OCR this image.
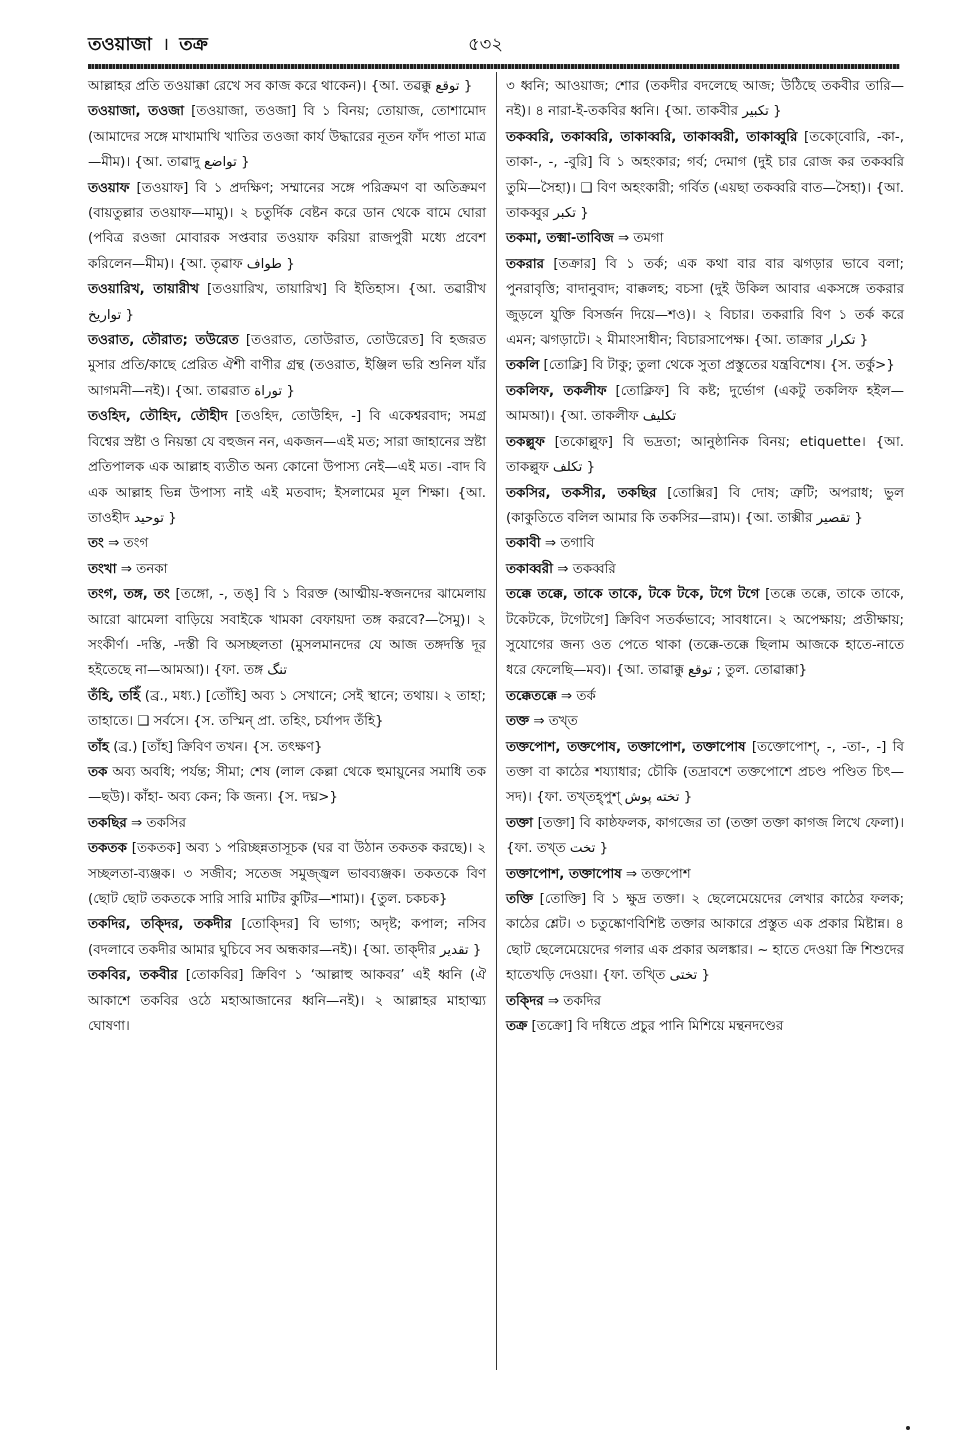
তওয়াজা । তক্র	৫৩২

আল্লাহর প্রতি তওয়াক্কা রেখে সব কাজ করে থাকেন)। {আ. তৱক্কু توقع }

তওয়াজা, তওজা [তওয়াজা, তওজা] বি ১ বিনয়; তোয়াজ, তোশামোদ (আমাদের সঙ্গে মাখামাখি খাতির তওজা কার্য উদ্ধারের নূতন ফাঁদ পাতা মাত্র—মীম)। {আ. তাৱাদু تواضع }

তওয়াফ [তওয়াফ] বি ১ প্রদক্ষিণ; সম্মানের সঙ্গে পরিক্রমণ বা অতিক্রমণ (বায়তুল্লার তওয়াফ—মামু)। ২ চতুর্দিক বেষ্টন করে ডান থেকে বামে ঘোরা (পবিত্র রওজা মোবারক সপ্তবার তওয়াফ করিয়া রাজপুরী মধ্যে প্রবেশ করিলেন—মীম)। {আ. তৃৱাফ طواف }

তওয়ারিখ, তায়ারীখ [তওয়ারিখ, তায়ারিখ] বি ইতিহাস। {আ. তৱারীখ تواريخ }

তওরাত, তৌরাত; তউরেত [তওরাত, তোউরাত, তোউরেত] বি হজরত মুসার প্রতি/কাছে প্রেরিত ঐশী বাণীর গ্রন্থ (তওরাত, ইঞ্জিল ভরি শুনিল যাঁর আগমনী—নই)। {আ. তাৱরাত توراة }

তওহিদ, তৌহিদ, তৌহীদ [তওহিদ, তোউহিদ, -] বি একেশ্বরবাদ; সমগ্র বিশ্বের স্রষ্টা ও নিয়ন্তা যে বহুজন নন, একজন—এই মত; সারা জাহানের স্রষ্টা প্রতিপালক এক আল্লাহ ব্যতীত অন্য কোনো উপাস্য নেই—এই মত। -বাদ বি এক আল্লাহ ভিন্ন উপাস্য নাই এই মতবাদ; ইসলামের মূল শিক্ষা। {আ. তাওহীদ توحيد }

তং ⇒ তংগ

তংখা ⇒ তনকা

তংগ, তঙ্গ, তং [তঙ্গো, -, তঙ্] বি ১ বিরক্ত (আত্মীয়-স্বজনদের ঝামেলায় আরো ঝামেলা বাড়িয়ে সবাইকে খামকা বেফায়দা তঙ্গ করবে?—সৈমু)। ২ সংকীর্ণ। -দস্তি, -দস্তী বি অসচ্ছলতা (মুসলমানদের যে আজ তঙ্গদস্তি দূর হইতেছে না—আমআ)। {ফা. তঙ্গ تنگ

তঁহি, তহিঁ (ব্র., মধ্য.) [তোঁহি] অব্য ১ সেখানে; সেই স্থানে; তথায়। ২ তাহা; তাহাতে। ❑ সর্বসে। {স. তস্মিন্ প্রা. তহিং, চর্যাপদ তঁহি}

তাঁহ (ব্র.) [তাঁহ] ক্রিবিণ তখন। {স. তৎক্ষণ}

তক অব্য অবধি; পর্যন্ত; সীমা; শেষ (লাল কেল্লা থেকে হুমায়ুনের সমাধি তক—ছউ)। কাঁহা- অব্য কেন; কি জন্য। {স. দঘ্ন>}

তকছির ⇒ তকসির

তকতক [তকতক] অব্য ১ পরিচ্ছন্নতাসূচক (ঘর বা উঠান তকতক করছে)। ২ সচ্ছলতা-ব্যঞ্জক। ৩ সজীব; সতেজ সমুজ্জ্বল ভাবব্যঞ্জক। তকতকে বিণ (ছোট ছোট তকতকে সারি সারি মাটির কুটির—শামা)। {তুল. চকচক}

তকদির, তক্দির, তকদীর [তোক্দির] বি ভাগ্য; অদৃষ্ট; কপাল; নসিব (বদলাবে তকদীর আমার ঘুচিবে সব অন্ধকার—নই)। {আ. তাক্দীর تقدير }

তকবির, তকবীর [তোকবির] ক্রিবিণ ১ ‘আল্লাহু আকবর’ এই ধ্বনি (ঐ আকাশে তকবির ওঠে মহাআজানের ধ্বনি—নই)। ২ আল্লাহর মাহাত্ম্য ঘোষণা।

৩ ধ্বনি; আওয়াজ; শোর (তকদীর বদলেছে আজ; উঠিছে তকবীর তারি—নই)। ৪ নারা-ই-তকবির ধ্বনি। {আ. তাকবীর تكبير }

তকব্বরি, তকাব্বরি, তাকাব্বরি, তাকাব্বরী, তাকাব্বুরি [তকো্বোরি, -কা-, তাকা-, -, -বুরি] বি ১ অহংকার; গর্ব; দেমাগ (দুই চার রোজ কর তকব্বরি তুমি—সৈহা)। ❑ বিণ অহংকারী; গর্বিত (এয়ছা তকব্বরি বাত—সৈহা)। {আ. তাকব্বুর تكبر }

তকমা, তক্মা-তাবিজ ⇒ তমগা

তকরার [তক্রার] বি ১ তর্ক; এক কথা বার বার ঝগড়ার ভাবে বলা; পুনরাবৃত্তি; বাদানুবাদ; বাক্কলহ; বচসা (দুই উকিল আবার একসঙ্গে তকরার জুড়লে যুক্তি বিসর্জন দিয়ে—শও)। ২ বিচার। তকরারি বিণ ১ তর্ক করে এমন; ঝগড়াটে। ২ মীমাংসাধীন; বিচারসাপেক্ষ। {আ. তাক্রার تكرار }

তকলি [তোক্লি] বি টাকু; তুলা থেকে সুতা প্রস্তুতের যন্ত্রবিশেষ। {স. তর্কু>}

তকলিফ, তকলীফ [তোক্লিফ] বি কষ্ট; দুর্ভোগ (একটু তকলিফ হইল—আমআ)। {আ. তাকলীফ تكليف

তকল্লুফ [তকোল্লুফ] বি ভদ্রতা; আনুষ্ঠানিক বিনয়; etiquette। {আ. তাকল্লুফ تكلف }

তকসির, তকসীর, তকছির [তোক্সির] বি দোষ; ত্রুটি; অপরাধ; ভুল (কাকুতিতে বলিল আমার কি তকসির—রাম)। {আ. তাক্সীর تقصير }

তকাবী ⇒ তগাবি

তকাব্বরী ⇒ তকব্বরি

তক্কে তক্কে, তাকে তাকে, টকে টকে, টগে টগে [তক্কে তক্কে, তাকে তাকে, টকেটকে, টগেটগে] ক্রিবিণ সতর্কভাবে; সাবধানে। ২ অপেক্ষায়; প্রতীক্ষায়; সুযোগের জন্য ওত পেতে থাকা (তক্কে-তক্কে ছিলাম আজকে হাতে-নাতে ধরে ফেলেছি—মব)। {আ. তাৱাক্কু توقع ; তুল. তোৱাক্কা}

তক্কেতক্কে ⇒ তর্ক

তক্ত ⇒ তখ্ত

তক্তপোশ, তক্তপোষ, তক্তাপোশ, তক্তাপোষ [তক্তোপোশ্, -, -তা-, -] বি তক্তা বা কাঠের শয্যাধার; চৌকি (তদ্রাবশে তক্তপোশে প্রচণ্ড পণ্ডিত চিৎ—সদ)। {ফা. তখ্তহ্পুশ্ تخته پوش }

তক্তা [তক্তা] বি কাষ্ঠফলক, কাগজের তা (তক্তা তক্তা কাগজ লিখে ফেলা)। {ফা. তখ্ত تخت }

তক্তাপোশ, তক্তাপোষ ⇒ তক্তপোশ

তক্তি [তোক্তি] বি ১ ক্ষুদ্র তক্তা। ২ ছেলেমেয়েদের লেখার কাঠের ফলক; কাঠের শ্লেট। ৩ চতুষ্কোণবিশিষ্ট তক্তার আকারে প্রস্তুত এক প্রকার মিষ্টান্ন। ৪ ছোট ছেলেমেয়েদের গলার এক প্রকার অলঙ্কার। ~ হাতে দেওয়া ক্রি শিশুদের হাতেখড়ি দেওয়া। {ফা. তখ্তি تختی }

তক্দির ⇒ তকদির

তক্র [তক্রো] বি দধিতে প্রচুর পানি মিশিয়ে মন্থনদণ্ডের
